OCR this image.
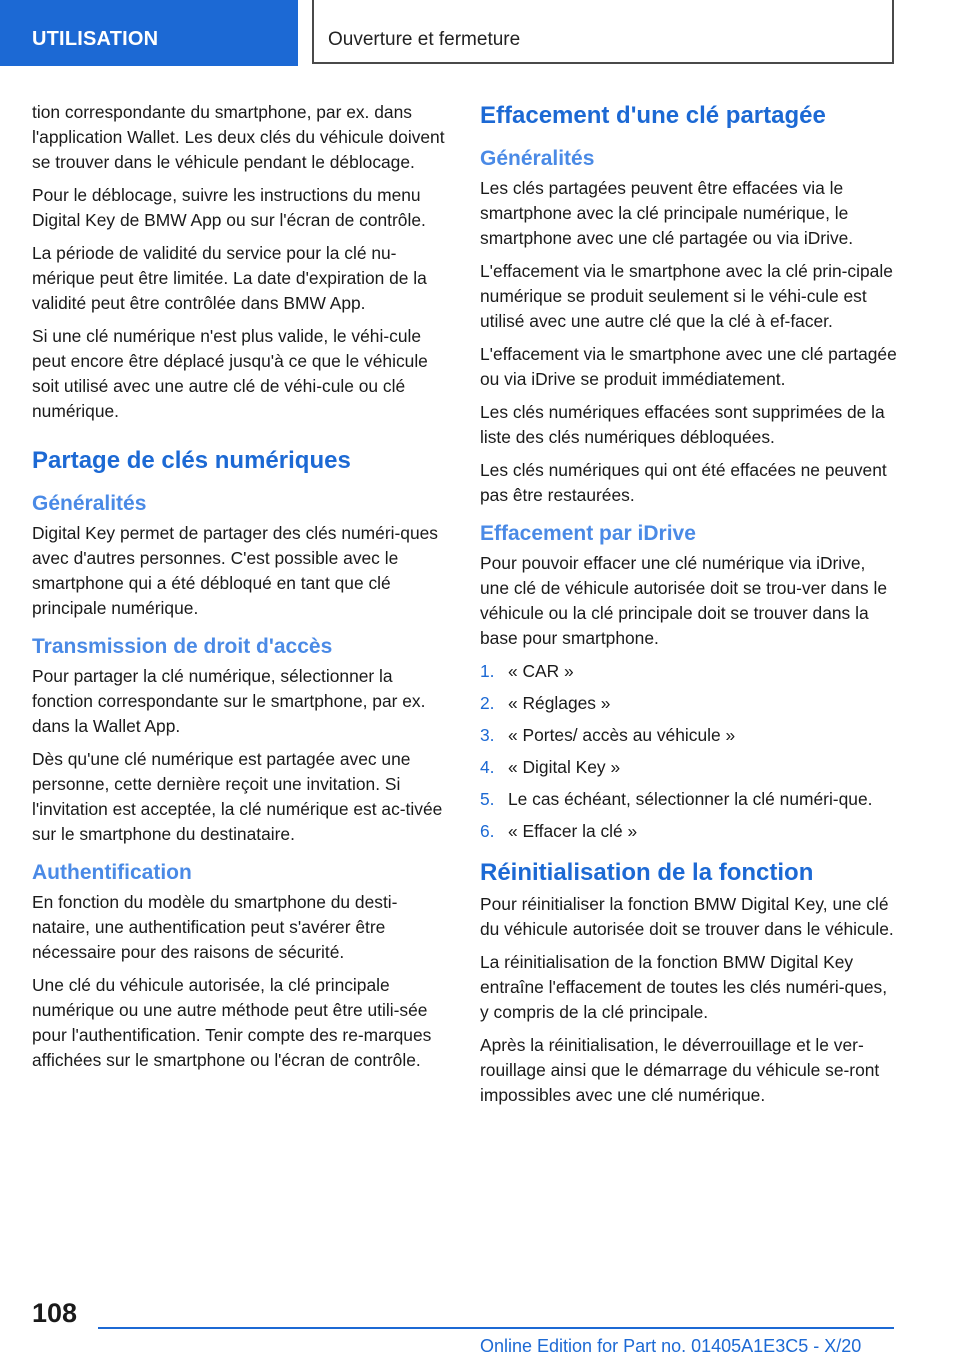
UTILISATION	Ouverture et fermeture

tion correspondante du smartphone, par ex. dans l'application Wallet. Les deux clés du véhicule doivent se trouver dans le véhicule pendant le déblocage.

Pour le déblocage, suivre les instructions du menu Digital Key de BMW App ou sur l'écran de contrôle.

La période de validité du service pour la clé nu-mérique peut être limitée. La date d'expiration de la validité peut être contrôlée dans BMW App.

Si une clé numérique n'est plus valide, le véhi-cule peut encore être déplacé jusqu'à ce que le véhicule soit utilisé avec une autre clé de véhi-cule ou clé numérique.

Partage de clés numériques
Généralités

Digital Key permet de partager des clés numéri-ques avec d'autres personnes. C'est possible avec le smartphone qui a été débloqué en tant que clé principale numérique.

Transmission de droit d'accès

Pour partager la clé numérique, sélectionner la fonction correspondante sur le smartphone, par ex. dans la Wallet App.

Dès qu'une clé numérique est partagée avec une personne, cette dernière reçoit une invitation. Si l'invitation est acceptée, la clé numérique est ac-tivée sur le smartphone du destinataire.

Authentification

En fonction du modèle du smartphone du desti-nataire, une authentification peut s'avérer être nécessaire pour des raisons de sécurité.

Une clé du véhicule autorisée, la clé principale numérique ou une autre méthode peut être utili-sée pour l'authentification. Tenir compte des re-marques affichées sur le smartphone ou l'écran de contrôle.

Effacement d'une clé partagée
Généralités

Les clés partagées peuvent être effacées via le smartphone avec la clé principale numérique, le smartphone avec une clé partagée ou via iDrive.

L'effacement via le smartphone avec la clé prin-cipale numérique se produit seulement si le véhi-cule est utilisé avec une autre clé que la clé à ef-facer.

L'effacement via le smartphone avec une clé partagée ou via iDrive se produit immédiatement.

Les clés numériques effacées sont supprimées de la liste des clés numériques débloquées.

Les clés numériques qui ont été effacées ne peuvent pas être restaurées.

Effacement par iDrive

Pour pouvoir effacer une clé numérique via iDrive, une clé de véhicule autorisée doit se trou-ver dans le véhicule ou la clé principale doit se trouver dans la base pour smartphone.

1. « CAR »
2. « Réglages »
3. « Portes/ accès au véhicule »
4. « Digital Key »
5. Le cas échéant, sélectionner la clé numéri-que.
6. « Effacer la clé »
Réinitialisation de la fonction

Pour réinitialiser la fonction BMW Digital Key, une clé du véhicule autorisée doit se trouver dans le véhicule.

La réinitialisation de la fonction BMW Digital Key entraîne l'effacement de toutes les clés numéri-ques, y compris de la clé principale.

Après la réinitialisation, le déverrouillage et le ver-rouillage ainsi que le démarrage du véhicule se-ront impossibles avec une clé numérique.

108
Online Edition for Part no. 01405A1E3C5 - X/20
